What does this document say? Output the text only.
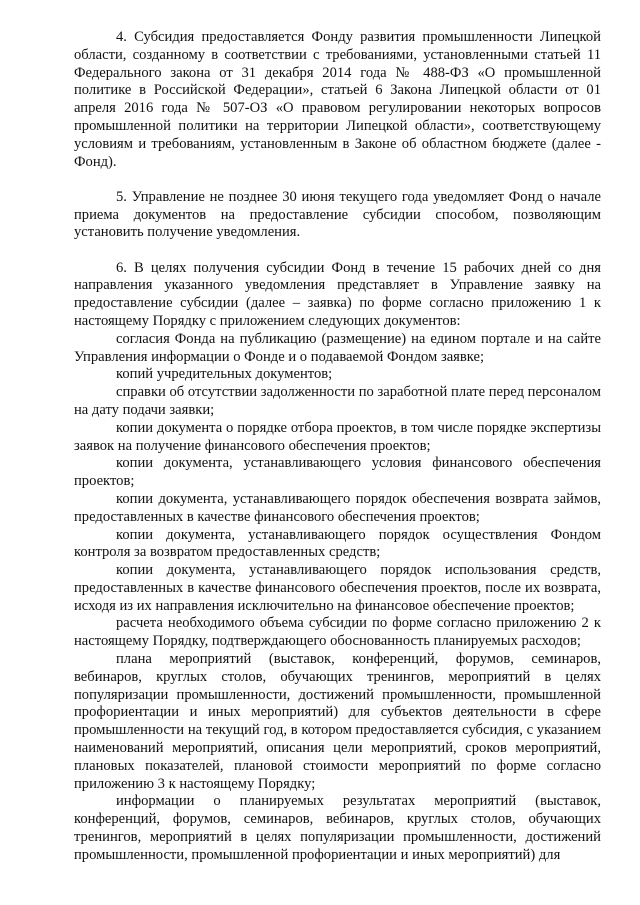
4. Субсидия предоставляется Фонду развития промышленности Липецкой области, созданному в соответствии с требованиями, установленными статьей 11 Федерального закона от 31 декабря 2014 года № 488-ФЗ «О промышленной политике в Российской Федерации», статьей 6 Закона Липецкой области от 01 апреля 2016 года № 507-ОЗ «О правовом регулировании некоторых вопросов промышленной политики на территории Липецкой области», соответствующему условиям и требованиям, установленным в Законе об областном бюджете (далее - Фонд).

5. Управление не позднее 30 июня текущего года уведомляет Фонд о начале приема документов на предоставление субсидии способом, позволяющим установить получение уведомления.

6. В целях получения субсидии Фонд в течение 15 рабочих дней со дня направления указанного уведомления представляет в Управление заявку на предоставление субсидии (далее – заявка) по форме согласно приложению 1 к настоящему Порядку с приложением следующих документов:

согласия Фонда на публикацию (размещение) на едином портале и на сайте Управления информации о Фонде и о подаваемой Фондом заявке;

копий учредительных документов;

справки об отсутствии задолженности по заработной плате перед персоналом на дату подачи заявки;

копии документа о порядке отбора проектов, в том числе порядке экспертизы заявок на получение финансового обеспечения проектов;

копии документа, устанавливающего условия финансового обеспечения проектов;

копии документа, устанавливающего порядок обеспечения возврата займов, предоставленных в качестве финансового обеспечения проектов;

копии документа, устанавливающего порядок осуществления Фондом контроля за возвратом предоставленных средств;

копии документа, устанавливающего порядок использования средств, предоставленных в качестве финансового обеспечения проектов, после их возврата, исходя из их направления исключительно на финансовое обеспечение проектов;

расчета необходимого объема субсидии по форме согласно приложению 2 к настоящему Порядку, подтверждающего обоснованность планируемых расходов;

плана мероприятий (выставок, конференций, форумов, семинаров, вебинаров, круглых столов, обучающих тренингов, мероприятий в целях популяризации промышленности, достижений промышленности, промышленной профориентации и иных мероприятий) для субъектов деятельности в сфере промышленности на текущий год, в котором предоставляется субсидия, с указанием наименований мероприятий, описания цели мероприятий, сроков мероприятий, плановых показателей, плановой стоимости мероприятий по форме согласно приложению 3 к настоящему Порядку;

информации о планируемых результатах мероприятий (выставок, конференций, форумов, семинаров, вебинаров, круглых столов, обучающих тренингов, мероприятий в целях популяризации промышленности, достижений промышленности, промышленной профориентации и иных мероприятий) для
